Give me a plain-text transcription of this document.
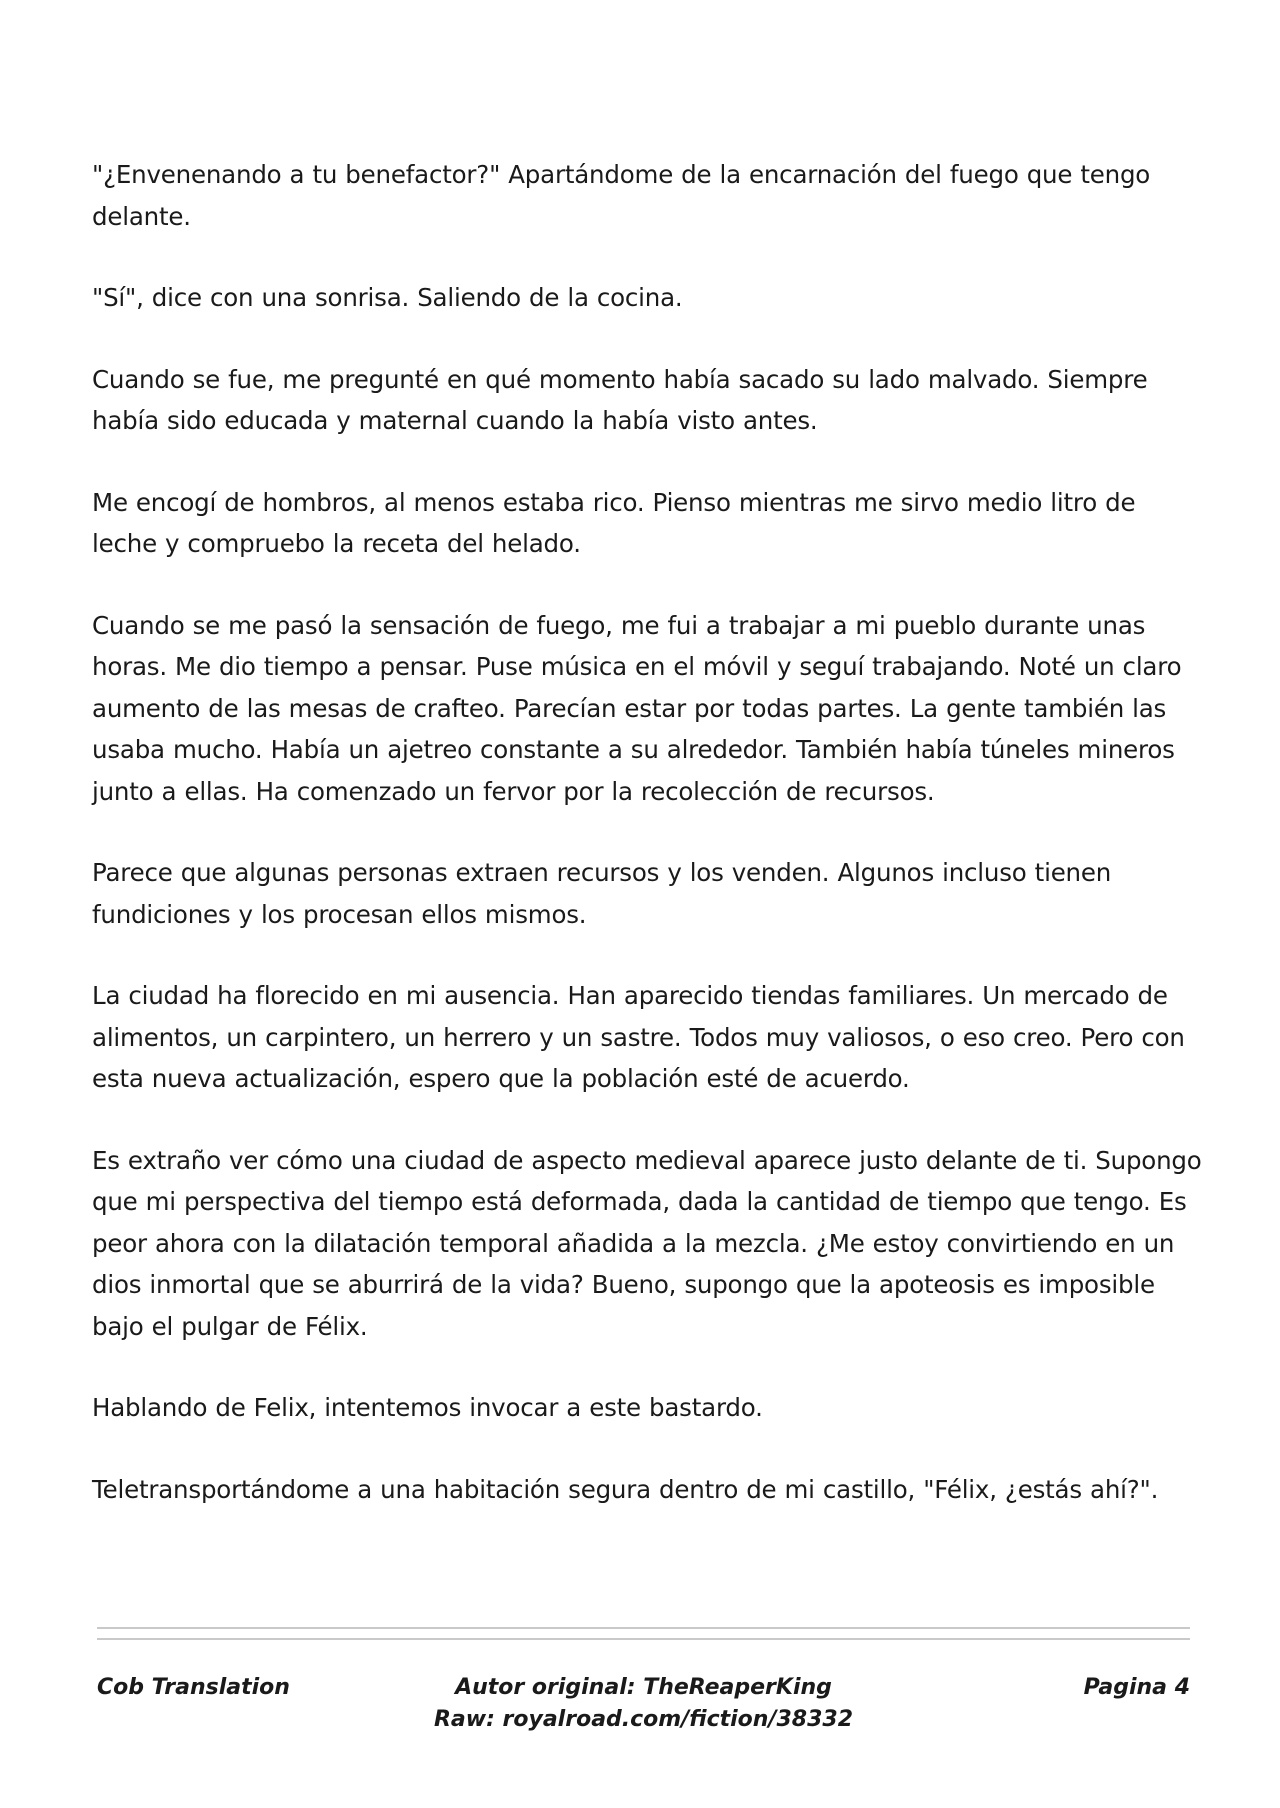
"¿Envenenando a tu benefactor?" Apartándome de la encarnación del fuego que tengo delante.

"Sí", dice con una sonrisa. Saliendo de la cocina.

Cuando se fue, me pregunté en qué momento había sacado su lado malvado. Siempre había sido educada y maternal cuando la había visto antes.

Me encogí de hombros, al menos estaba rico. Pienso mientras me sirvo medio litro de leche y compruebo la receta del helado.

Cuando se me pasó la sensación de fuego, me fui a trabajar a mi pueblo durante unas horas. Me dio tiempo a pensar. Puse música en el móvil y seguí trabajando. Noté un claro aumento de las mesas de crafteo. Parecían estar por todas partes. La gente también las usaba mucho. Había un ajetreo constante a su alrededor. También había túneles mineros junto a ellas. Ha comenzado un fervor por la recolección de recursos.

Parece que algunas personas extraen recursos y los venden. Algunos incluso tienen fundiciones y los procesan ellos mismos.

La ciudad ha florecido en mi ausencia. Han aparecido tiendas familiares. Un mercado de alimentos, un carpintero, un herrero y un sastre. Todos muy valiosos, o eso creo. Pero con esta nueva actualización, espero que la población esté de acuerdo.

Es extraño ver cómo una ciudad de aspecto medieval aparece justo delante de ti. Supongo que mi perspectiva del tiempo está deformada, dada la cantidad de tiempo que tengo. Es peor ahora con la dilatación temporal añadida a la mezcla. ¿Me estoy convirtiendo en un dios inmortal que se aburrirá de la vida? Bueno, supongo que la apoteosis es imposible bajo el pulgar de Félix.

Hablando de Felix, intentemos invocar a este bastardo.

Teletransportándome a una habitación segura dentro de mi castillo, "Félix, ¿estás ahí?".

Cob Translation	Autor original: TheReaperKing
Raw: royalroad.com/fiction/38332
Pagina 4
